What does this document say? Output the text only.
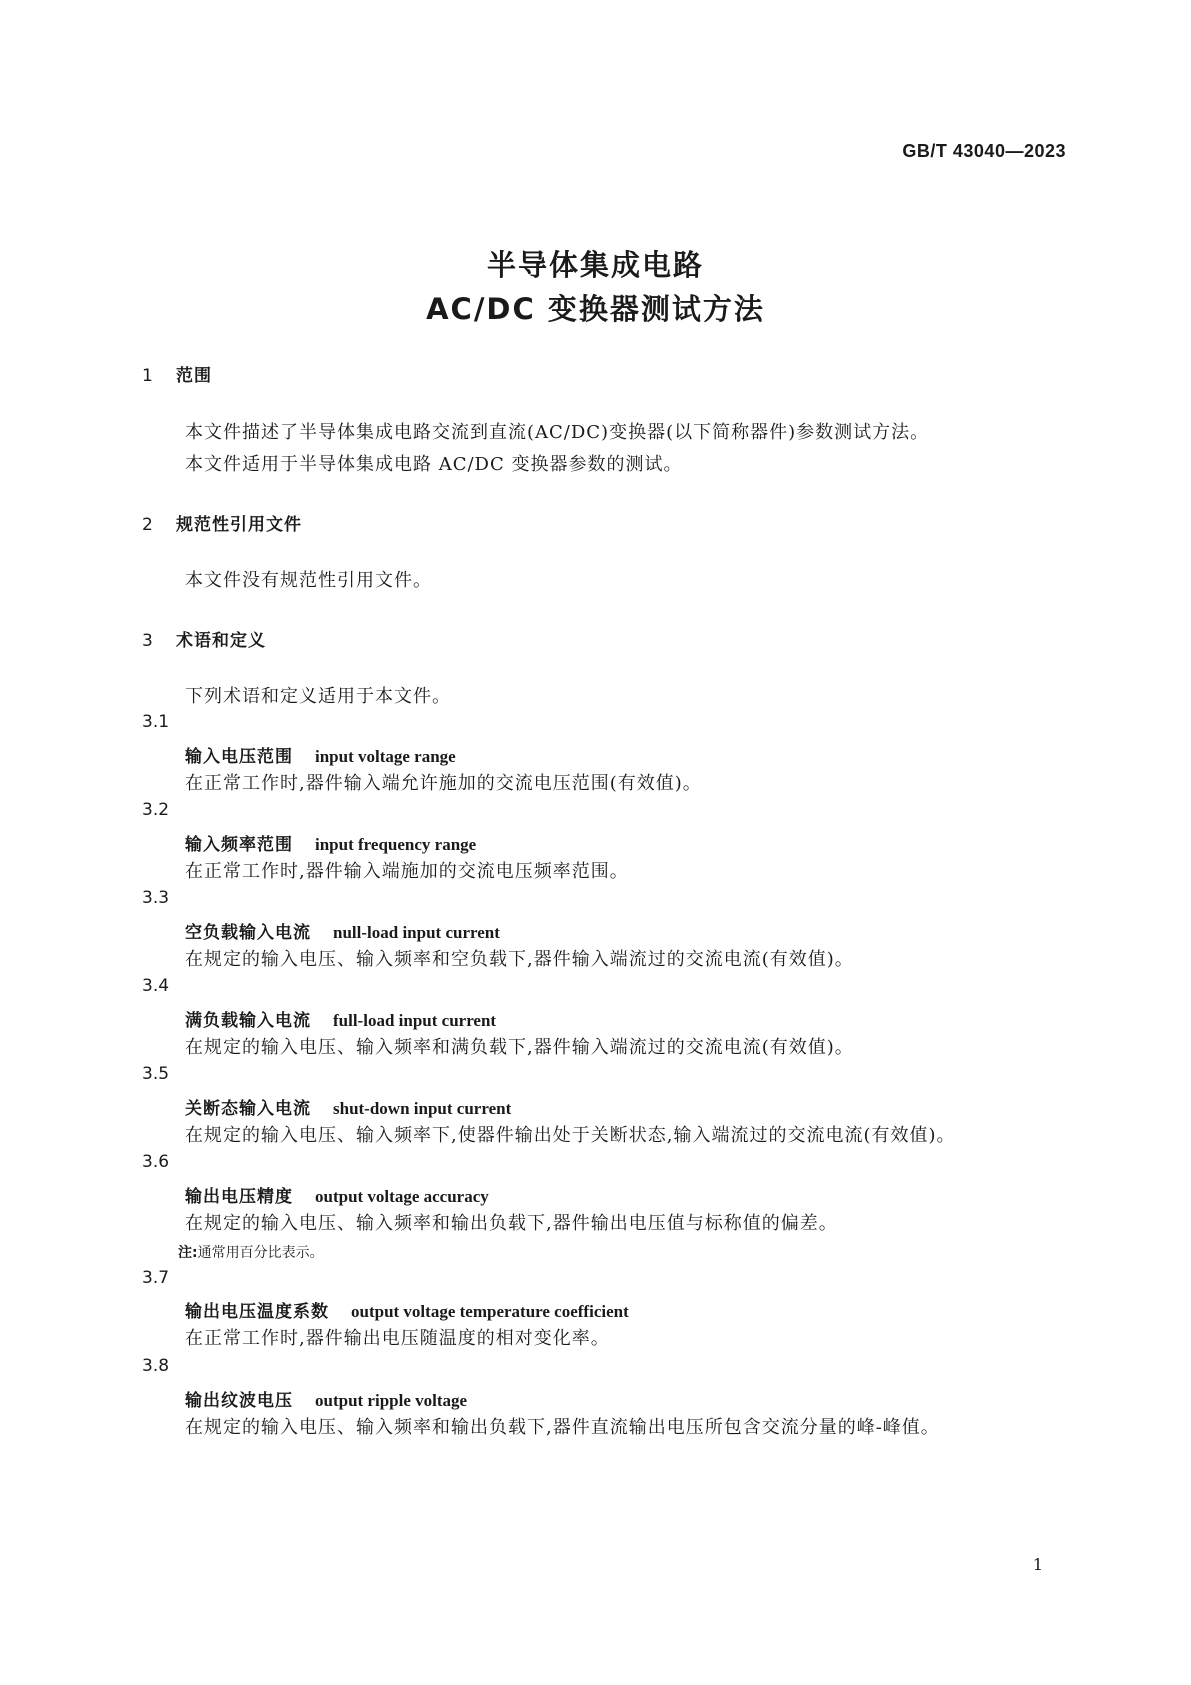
GB/T 43040—2023
半导体集成电路
AC/DC 变换器测试方法
1 范围
本文件描述了半导体集成电路交流到直流(AC/DC)变换器(以下简称器件)参数测试方法。
本文件适用于半导体集成电路 AC/DC 变换器参数的测试。
2 规范性引用文件
本文件没有规范性引用文件。
3 术语和定义
下列术语和定义适用于本文件。
3.1
输入电压范围 input voltage range
在正常工作时,器件输入端允许施加的交流电压范围(有效值)。
3.2
输入频率范围 input frequency range
在正常工作时,器件输入端施加的交流电压频率范围。
3.3
空负载输入电流 null-load input current
在规定的输入电压、输入频率和空负载下,器件输入端流过的交流电流(有效值)。
3.4
满负载输入电流 full-load input current
在规定的输入电压、输入频率和满负载下,器件输入端流过的交流电流(有效值)。
3.5
关断态输入电流 shut-down input current
在规定的输入电压、输入频率下,使器件输出处于关断状态,输入端流过的交流电流(有效值)。
3.6
输出电压精度 output voltage accuracy
在规定的输入电压、输入频率和输出负载下,器件输出电压值与标称值的偏差。
注:通常用百分比表示。
3.7
输出电压温度系数 output voltage temperature coefficient
在正常工作时,器件输出电压随温度的相对变化率。
3.8
输出纹波电压 output ripple voltage
在规定的输入电压、输入频率和输出负载下,器件直流输出电压所包含交流分量的峰-峰值。
1
